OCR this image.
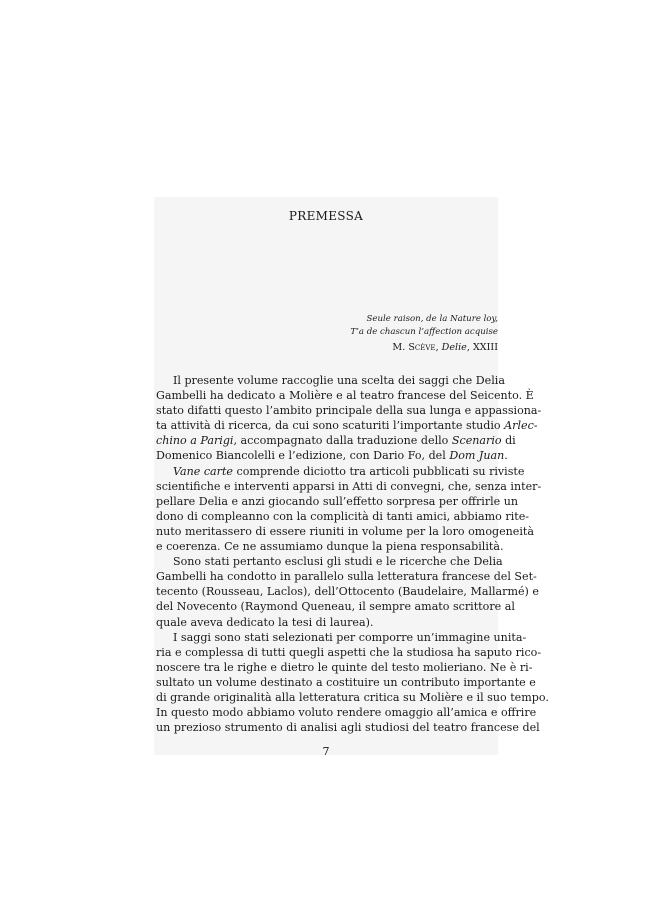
PREMESSA
Seule raison, de la Nature loy,
T’a de chascun l’affection acquise
M. Scève, Delie, XXIII
Il presente volume raccoglie una scelta dei saggi che Delia
Gambelli ha dedicato a Molière e al teatro francese del Seicento. È
stato difatti questo l’ambito principale della sua lunga e appassiona-
ta attività di ricerca, da cui sono scaturiti l’importante studio Arlec-
chino a Parigi, accompagnato dalla traduzione dello Scenario di
Domenico Biancolelli e l’edizione, con Dario Fo, del Dom Juan.
Vane carte comprende diciotto tra articoli pubblicati su riviste
scientifiche e interventi apparsi in Atti di convegni, che, senza inter-
pellare Delia e anzi giocando sull’effetto sorpresa per offrirle un
dono di compleanno con la complicità di tanti amici, abbiamo rite-
nuto meritassero di essere riuniti in volume per la loro omogeneità
e coerenza. Ce ne assumiamo dunque la piena responsabilità.
Sono stati pertanto esclusi gli studi e le ricerche che Delia
Gambelli ha condotto in parallelo sulla letteratura francese del Set-
tecento (Rousseau, Laclos), dell’Ottocento (Baudelaire, Mallarmé) e
del Novecento (Raymond Queneau, il sempre amato scrittore al
quale aveva dedicato la tesi di laurea).
I saggi sono stati selezionati per comporre un’immagine unita-
ria e complessa di tutti quegli aspetti che la studiosa ha saputo rico-
noscere tra le righe e dietro le quinte del testo molieriano. Ne è ri-
sultato un volume destinato a costituire un contributo importante e
di grande originalità alla letteratura critica su Molière e il suo tempo.
In questo modo abbiamo voluto rendere omaggio all’amica e offrire
un prezioso strumento di analisi agli studiosi del teatro francese del
7
